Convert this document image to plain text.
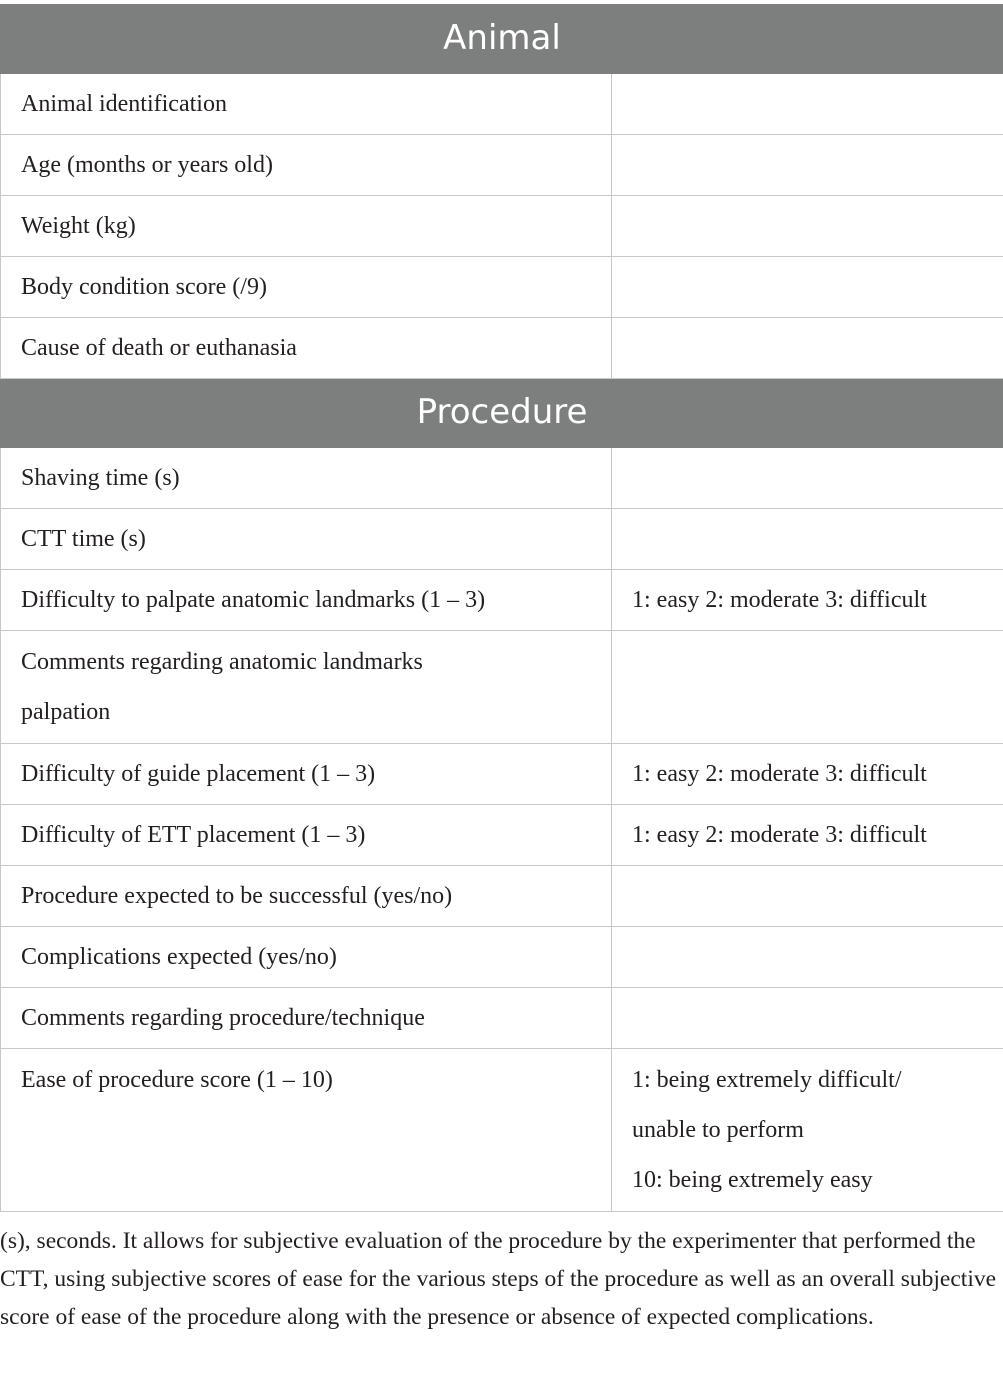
Animal	
Animal identification	
Age (months or years old)	
Weight (kg)	
Body condition score (/9)	
Cause of death or euthanasia	
Procedure	
Shaving time (s)	
CTT time (s)	
Difficulty to palpate anatomic landmarks (1 – 3)	1: easy 2: moderate 3: difficult

Comments regarding anatomic landmarks
palpation	

Difficulty of guide placement (1 – 3)	1: easy 2: moderate 3: difficult
Difficulty of ETT placement (1 – 3)	1: easy 2: moderate 3: difficult
Procedure expected to be successful (yes/no)	
Complications expected (yes/no)	
Comments regarding procedure/technique	
Ease of procedure score (1 – 10)	1: being extremely difficult/
unable to perform
10: being extremely easy

(s), seconds. It allows for subjective evaluation of the procedure by the experimenter that performed the CTT, using subjective scores of ease for the various steps of the procedure as well as an overall subjective score of ease of the procedure along with the presence or absence of expected complications.
